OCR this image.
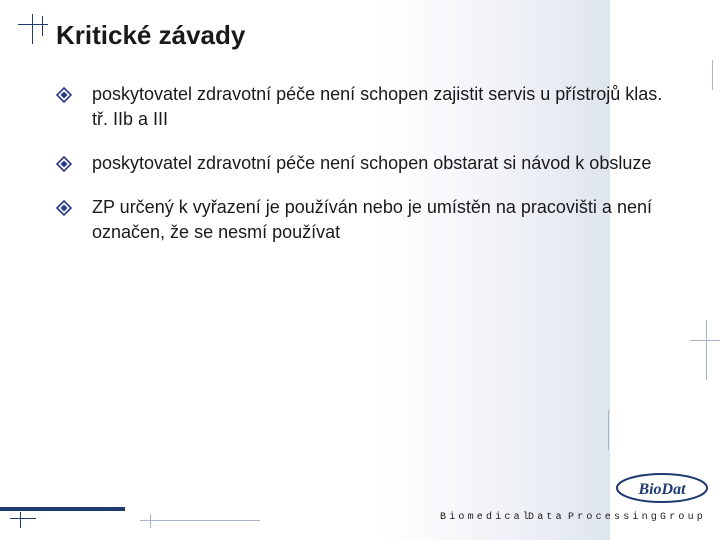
Kritické závady
poskytovatel zdravotní péče není schopen zajistit servis u přístrojů klas. tř. IIb a III
poskytovatel zdravotní péče není schopen obstarat si návod k obsluze
ZP určený k vyřazení je používán nebo je umístěn na pracovišti a není označen, že se nesmí používat
BioDat
Biomedical
Data Processing Group
